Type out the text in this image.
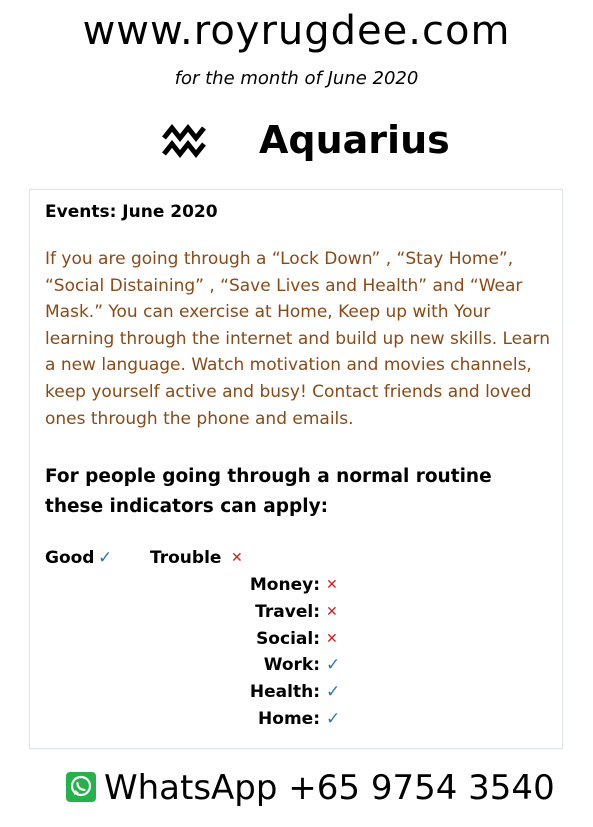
www.royrugdee.com
for the month of June 2020
Aquarius
Events: June 2020
If you are going through a “Lock Down” , “Stay Home”, “Social Distaining” , “Save Lives and Health” and “Wear Mask.” You can exercise at Home, Keep up with Your learning through the internet and build up new skills. Learn a new language. Watch motivation and movies channels, keep yourself active and busy! Contact friends and loved ones through the phone and emails.
For people going through a normal routine these indicators can apply:
Good ✓ Trouble ✕
Money: ✕
Travel: ✕
Social: ✕
Work: ✓
Health: ✓
Home: ✓
WhatsApp +65 9754 3540
